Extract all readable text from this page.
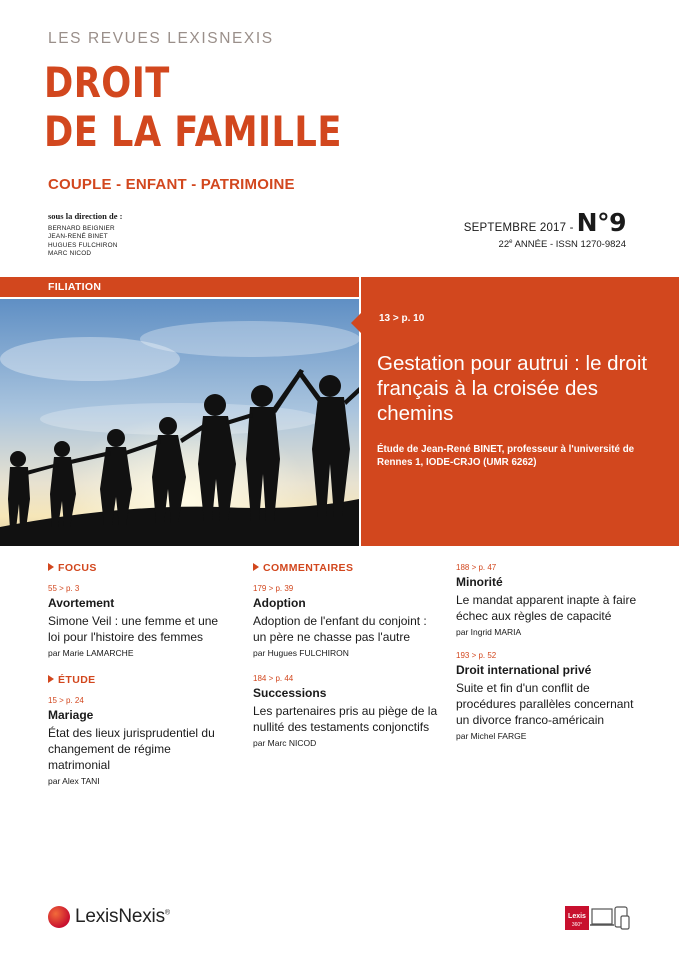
LES REVUES LEXISNEXIS
DROIT
DE LA FAMILLE
COUPLE - ENFANT - PATRIMOINE
sous la direction de :
BERNARD BEIGNIER
JEAN-RENÉ BINET
HUGUES FULCHIRON
MARC NICOD
SEPTEMBRE 2017 - N°9
22e ANNÉE - ISSN 1270-9824
FILIATION
13 > p. 10
Gestation pour autrui : le droit français à la croisée des chemins
Étude de Jean-René BINET, professeur à l'université de Rennes 1, IODE-CRJO (UMR 6262)
FOCUS
55 > p. 3
Avortement
Simone Veil : une femme et une loi pour l'histoire des femmes
par Marie LAMARCHE
ÉTUDE
15 > p. 24
Mariage
État des lieux jurisprudentiel du changement de régime matrimonial
par Alex TANI
COMMENTAIRES
179 > p. 39
Adoption
Adoption de l'enfant du conjoint : un père ne chasse pas l'autre
par Hugues FULCHIRON
184 > p. 44
Successions
Les partenaires pris au piège de la nullité des testaments conjonctifs
par Marc NICOD
188 > p. 47
Minorité
Le mandat apparent inapte à faire échec aux règles de capacité
par Ingrid MARIA
193 > p. 52
Droit international privé
Suite et fin d'un conflit de procédures parallèles concernant un divorce franco-américain
par Michel FARGE
LexisNexis®	Lexis
360°
